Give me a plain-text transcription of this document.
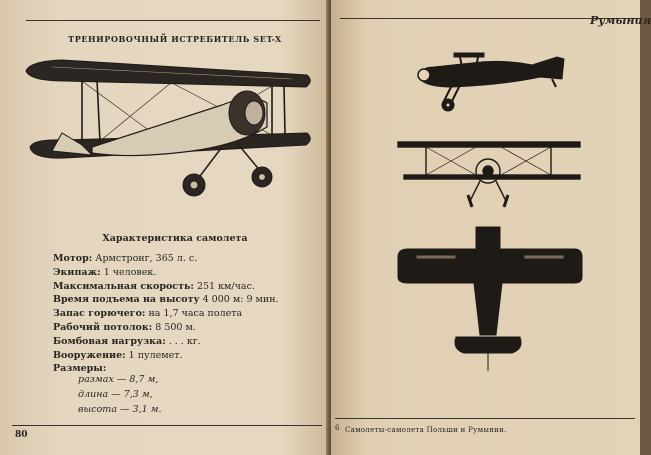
ТРЕНИРОВОЧНЫЙ ИСТРЕБИТЕЛЬ SET-X
Характеристика самолета
Мотор: Армстронг, 365 л. с.
Экипаж: 1 человек.
Максимальная скорость: 251 км/час.
Время подъема на высоту 4 000 м: 9 мин.
Запас горючего: на 1,7 часа полета
Рабочий потолок: 8 500 м.
Бомбовая нагрузка: . . . кг.
Вооружение: 1 пулемет.
Размеры:
размах — 8,7 м,
длина — 7,3 м,
высота — 3,1 м.
80
Румыния
6 Самолеты-самолета Польши и Румынии.
